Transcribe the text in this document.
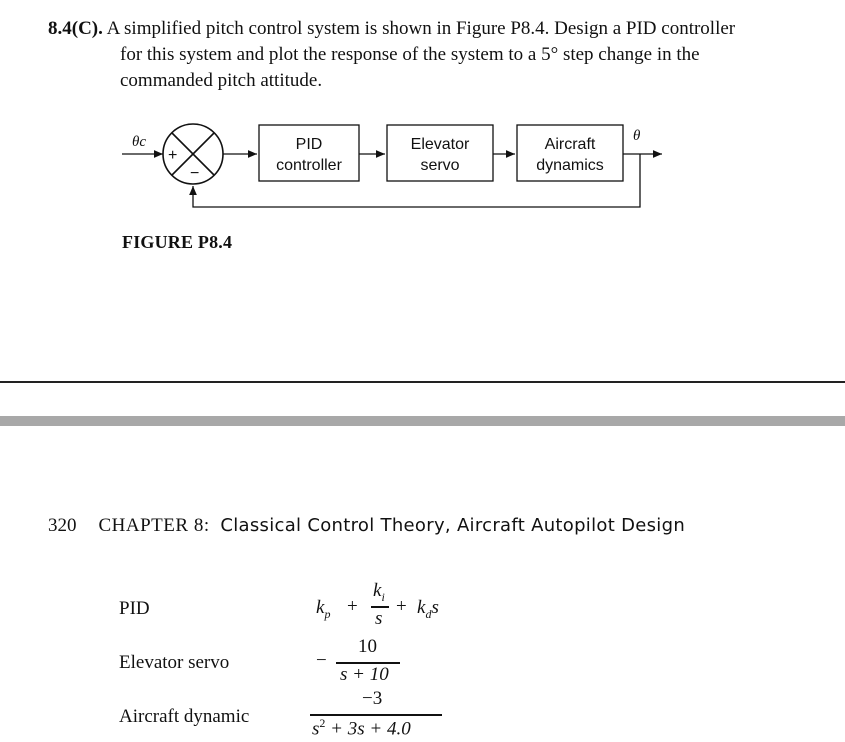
8.4(C). A simplified pitch control system is shown in Figure P8.4. Design a PID controller

for this system and plot the response of the system to a 5° step change in the

commanded pitch attitude.

θc
+
−
PID
controller
Elevator
servo
Aircraft
dynamics
θ
FIGURE P8.4
320 CHAPTER 8: Classical Control Theory, Aircraft Autopilot Design
PID
Elevator servo
Aircraft dynamic
$k_p$ +
$k_i$
s
+ $k_ds$
−
10
s + 10
−3
$s^2 + 3s + 4.0$
